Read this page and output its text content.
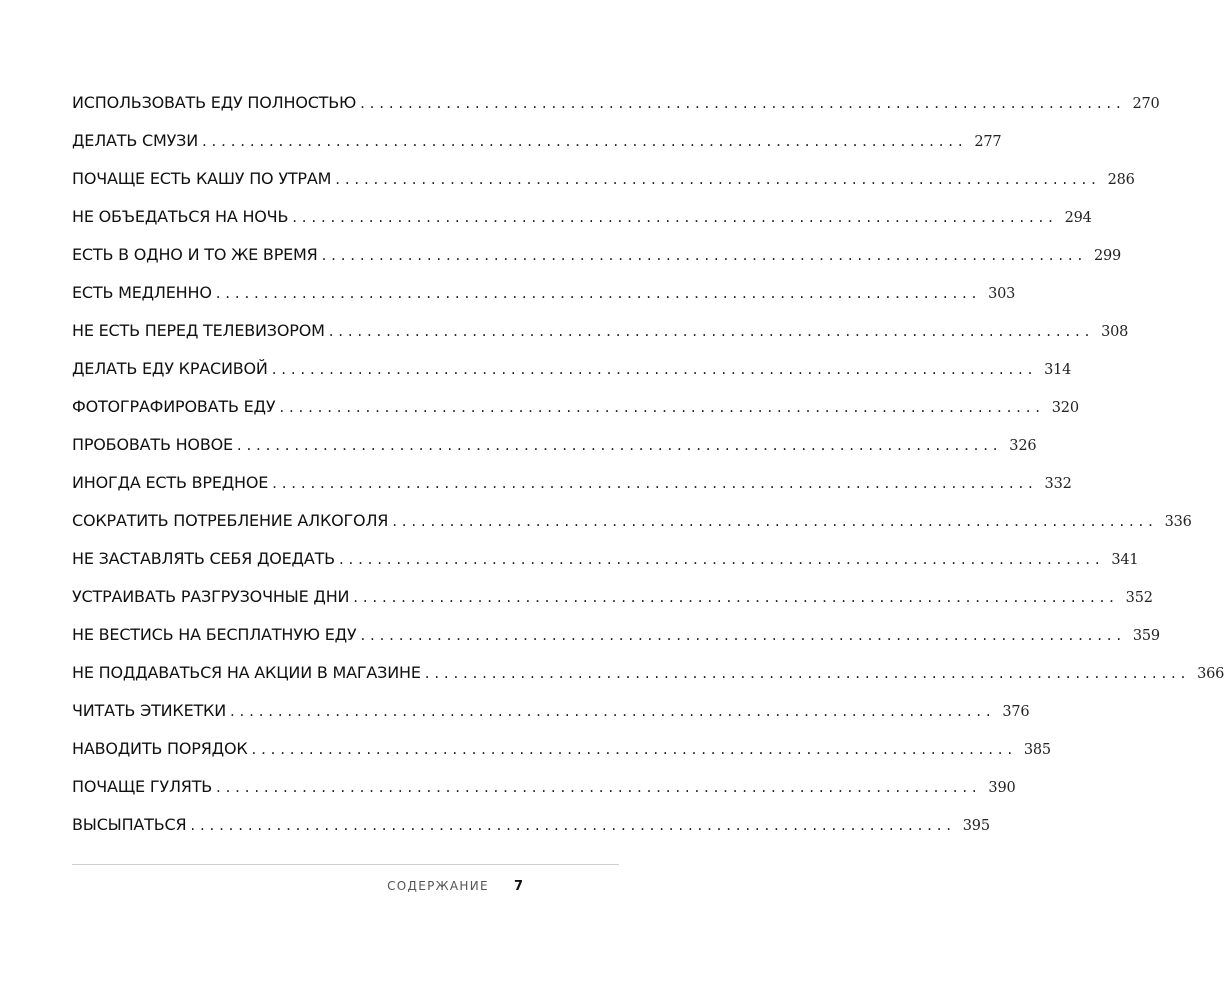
ИСПОЛЬЗОВАТЬ ЕДУ ПОЛНОСТЬЮ ................................................................................ 270
ДЕЛАТЬ СМУЗИ ................................................................................ 277
ПОЧАЩЕ ЕСТЬ КАШУ ПО УТРАМ ................................................................................ 286
НЕ ОБЪЕДАТЬСЯ НА НОЧЬ ................................................................................ 294
ЕСТЬ В ОДНО И ТО ЖЕ ВРЕМЯ ................................................................................ 299
ЕСТЬ МЕДЛЕННО ................................................................................ 303
НЕ ЕСТЬ ПЕРЕД ТЕЛЕВИЗОРОМ ................................................................................ 308
ДЕЛАТЬ ЕДУ КРАСИВОЙ ................................................................................ 314
ФОТОГРАФИРОВАТЬ ЕДУ ................................................................................ 320
ПРОБОВАТЬ НОВОЕ ................................................................................ 326
ИНОГДА ЕСТЬ ВРЕДНОЕ ................................................................................ 332
СОКРАТИТЬ ПОТРЕБЛЕНИЕ АЛКОГОЛЯ ................................................................................ 336
НЕ ЗАСТАВЛЯТЬ СЕБЯ ДОЕДАТЬ ................................................................................ 341
УСТРАИВАТЬ РАЗГРУЗОЧНЫЕ ДНИ ................................................................................ 352
НЕ ВЕСТИСЬ НА БЕСПЛАТНУЮ ЕДУ ................................................................................ 359
НЕ ПОДДАВАТЬСЯ НА АКЦИИ В МАГАЗИНЕ ................................................................................ 366
ЧИТАТЬ ЭТИКЕТКИ ................................................................................ 376
НАВОДИТЬ ПОРЯДОК ................................................................................ 385
ПОЧАЩЕ ГУЛЯТЬ ................................................................................ 390
ВЫСЫПАТЬСЯ ................................................................................ 395
СОДЕРЖАНИЕ 7
